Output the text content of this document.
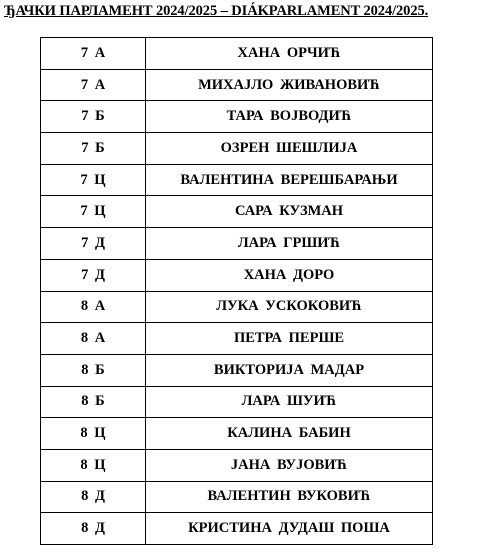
ЂАЧКИ ПАРЛАМЕНТ 2024/2025 – DIÁKPARLAMENT 2024/2025.
7 А	ХАНА ОРЧИЋ
7 А	МИХАЈЛО ЖИВАНОВИЋ
7 Б	ТАРА ВОЈВОДИЋ
7 Б	ОЗРЕН ШЕШЛИЈА
7 Ц	ВАЛЕНТИНА ВЕРЕШБАРАЊИ
7 Ц	САРА КУЗМАН
7 Д	ЛАРА ГРШИЋ
7 Д	ХАНА ДОРО
8 А	ЛУКА УСКОКОВИЋ
8 А	ПЕТРА ПЕРШЕ
8 Б	ВИКТОРИЈА МАДАР
8 Б	ЛАРА ШУИЋ
8 Ц	КАЛИНА БАБИН
8 Ц	ЈАНА ВУЈОВИЋ
8 Д	ВАЛЕНТИН ВУКОВИЋ
8 Д	КРИСТИНА ДУДАШ ПОША
